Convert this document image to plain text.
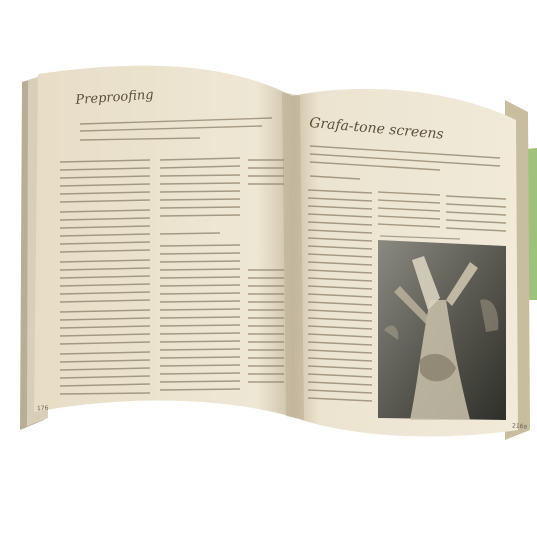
Preproofing
Grafa-tone screens
176
216a
